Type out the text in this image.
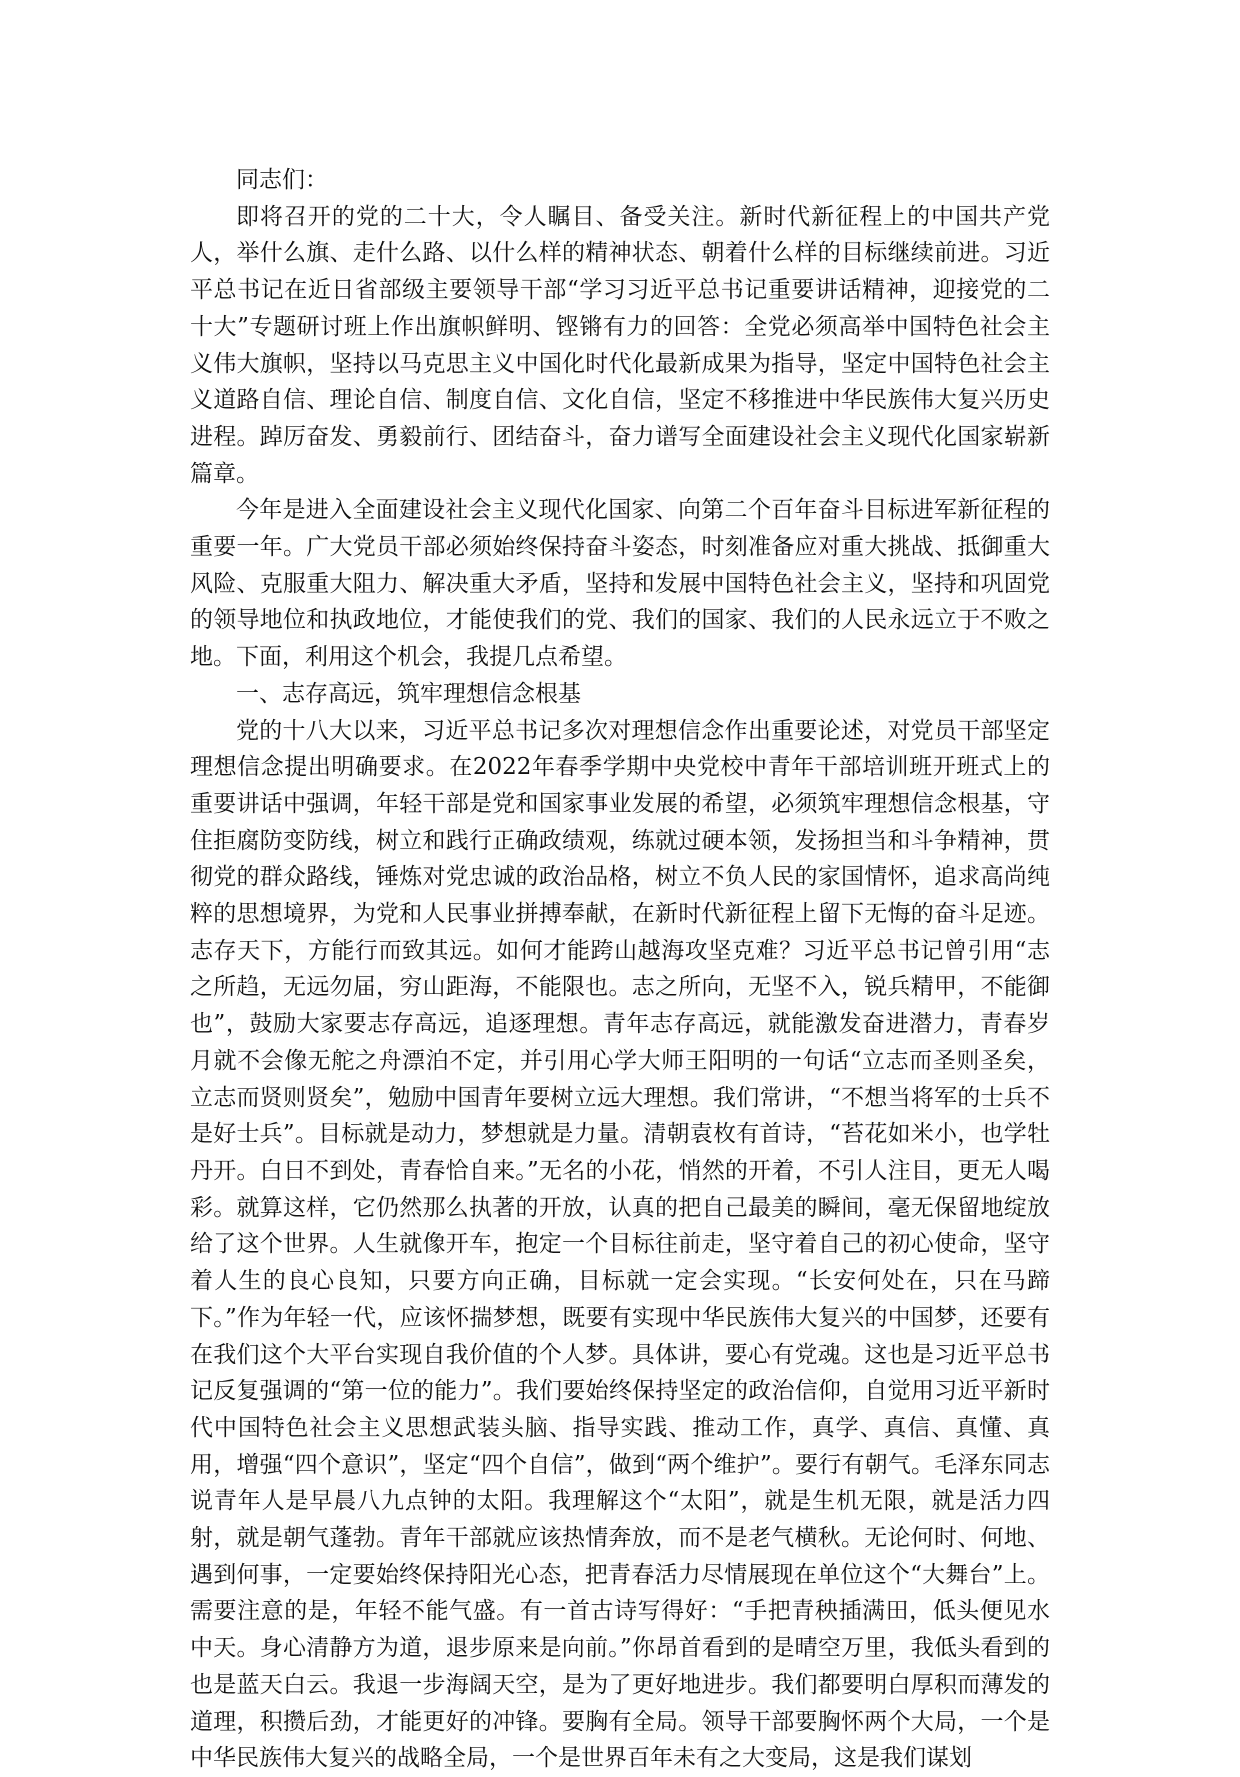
同志们：

即将召开的党的二十大，令人瞩目、备受关注。新时代新征程上的中国共产党人，举什么旗、走什么路、以什么样的精神状态、朝着什么样的目标继续前进。习近平总书记在近日省部级主要领导干部“学习习近平总书记重要讲话精神，迎接党的二十大”专题研讨班上作出旗帜鲜明、铿锵有力的回答：全党必须高举中国特色社会主义伟大旗帜，坚持以马克思主义中国化时代化最新成果为指导，坚定中国特色社会主义道路自信、理论自信、制度自信、文化自信，坚定不移推进中华民族伟大复兴历史进程。踔厉奋发、勇毅前行、团结奋斗，奋力谱写全面建设社会主义现代化国家崭新篇章。

今年是进入全面建设社会主义现代化国家、向第二个百年奋斗目标进军新征程的重要一年。广大党员干部必须始终保持奋斗姿态，时刻准备应对重大挑战、抵御重大风险、克服重大阻力、解决重大矛盾，坚持和发展中国特色社会主义，坚持和巩固党的领导地位和执政地位，才能使我们的党、我们的国家、我们的人民永远立于不败之地。下面，利用这个机会，我提几点希望。

一、志存高远，筑牢理想信念根基

党的十八大以来，习近平总书记多次对理想信念作出重要论述，对党员干部坚定理想信念提出明确要求。在2022年春季学期中央党校中青年干部培训班开班式上的重要讲话中强调，年轻干部是党和国家事业发展的希望，必须筑牢理想信念根基，守住拒腐防变防线，树立和践行正确政绩观，练就过硬本领，发扬担当和斗争精神，贯彻党的群众路线，锤炼对党忠诚的政治品格，树立不负人民的家国情怀，追求高尚纯粹的思想境界，为党和人民事业拼搏奉献，在新时代新征程上留下无悔的奋斗足迹。志存天下，方能行而致其远。如何才能跨山越海攻坚克难？习近平总书记曾引用“志之所趋，无远勿届，穷山距海，不能限也。志之所向，无坚不入，锐兵精甲，不能御也”，鼓励大家要志存高远，追逐理想。青年志存高远，就能激发奋进潜力，青春岁月就不会像无舵之舟漂泊不定，并引用心学大师王阳明的一句话“立志而圣则圣矣，立志而贤则贤矣”，勉励中国青年要树立远大理想。我们常讲，“不想当将军的士兵不是好士兵”。目标就是动力，梦想就是力量。清朝袁枚有首诗，“苔花如米小，也学牡丹开。白日不到处，青春恰自来。”无名的小花，悄然的开着，不引人注目，更无人喝彩。就算这样，它仍然那么执著的开放，认真的把自己最美的瞬间，毫无保留地绽放给了这个世界。人生就像开车，抱定一个目标往前走，坚守着自己的初心使命，坚守着人生的良心良知，只要方向正确，目标就一定会实现。“长安何处在，只在马蹄下。”作为年轻一代，应该怀揣梦想，既要有实现中华民族伟大复兴的中国梦，还要有在我们这个大平台实现自我价值的个人梦。具体讲，要心有党魂。这也是习近平总书记反复强调的“第一位的能力”。我们要始终保持坚定的政治信仰，自觉用习近平新时代中国特色社会主义思想武装头脑、指导实践、推动工作，真学、真信、真懂、真用，增强“四个意识”，坚定“四个自信”，做到“两个维护”。要行有朝气。毛泽东同志说青年人是早晨八九点钟的太阳。我理解这个“太阳”，就是生机无限，就是活力四射，就是朝气蓬勃。青年干部就应该热情奔放，而不是老气横秋。无论何时、何地、遇到何事，一定要始终保持阳光心态，把青春活力尽情展现在单位这个“大舞台”上。需要注意的是，年轻不能气盛。有一首古诗写得好：“手把青秧插满田，低头便见水中天。身心清静方为道，退步原来是向前。”你昂首看到的是晴空万里，我低头看到的也是蓝天白云。我退一步海阔天空，是为了更好地进步。我们都要明白厚积而薄发的道理，积攒后劲，才能更好的冲锋。要胸有全局。领导干部要胸怀两个大局，一个是中华民族伟大复兴的战略全局，一个是世界百年未有之大变局，这是我们谋划
